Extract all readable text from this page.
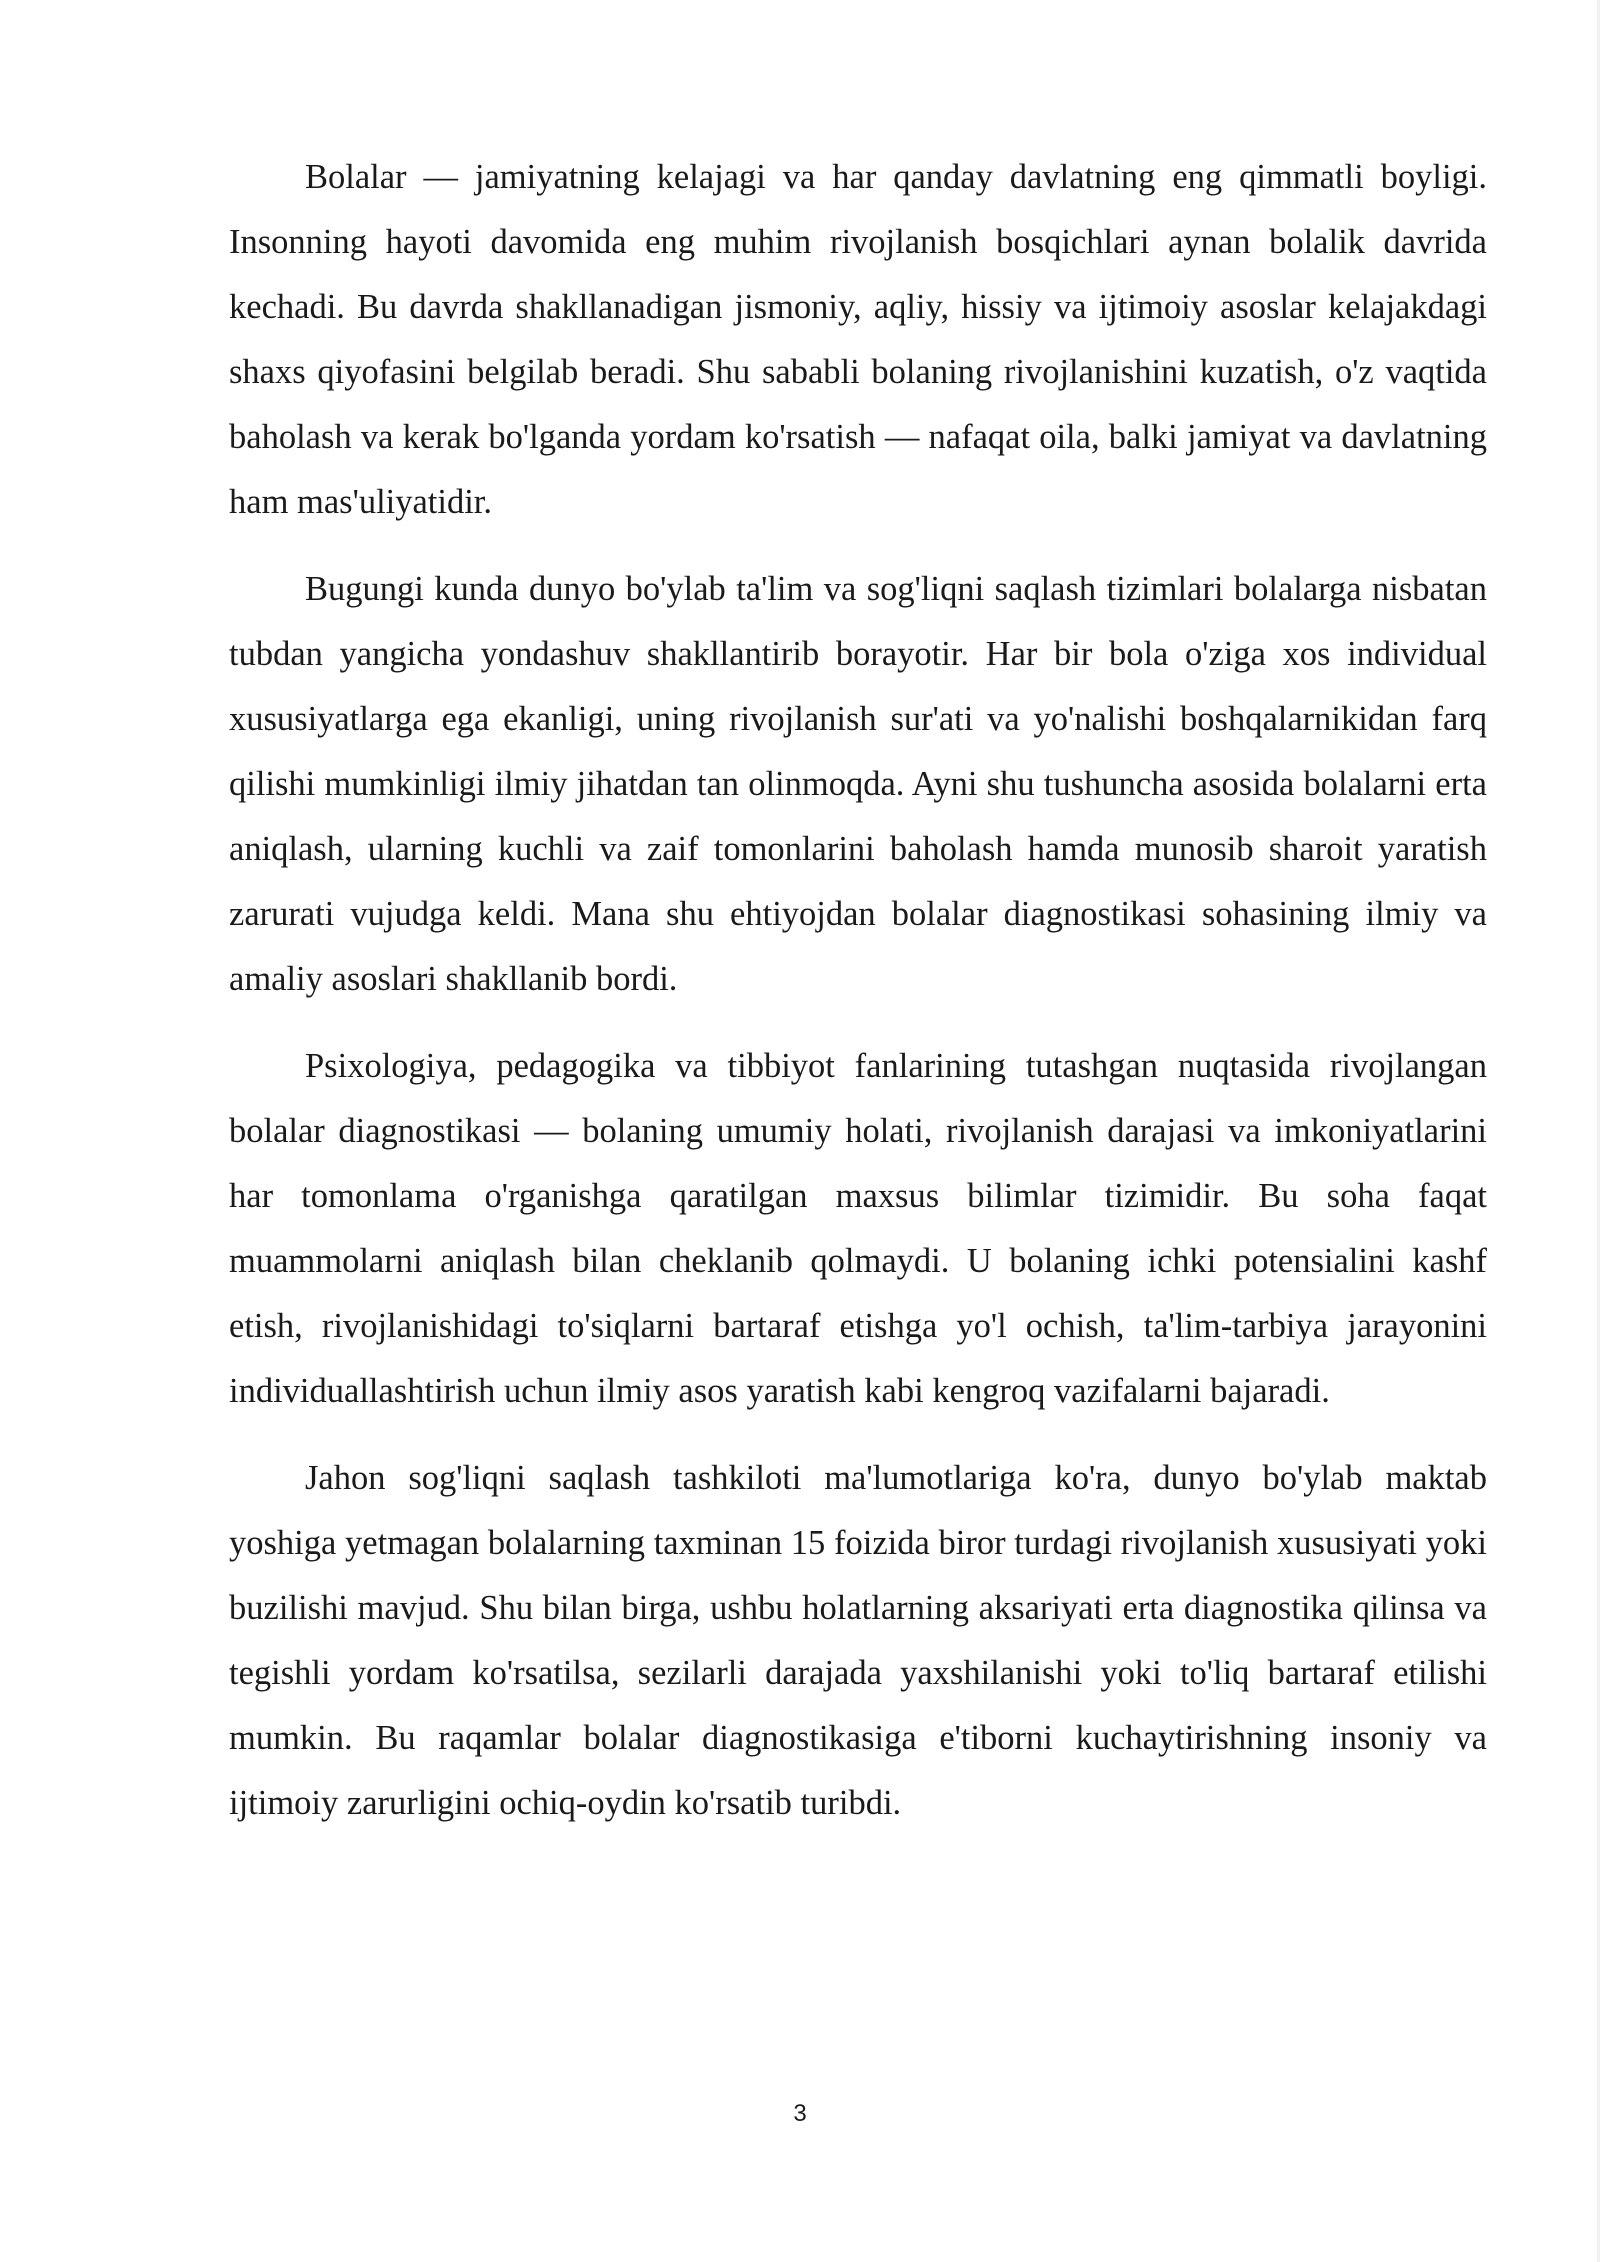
Bolalar — jamiyatning kelajagi va har qanday davlatning eng qimmatli boyligi. Insonning hayoti davomida eng muhim rivojlanish bosqichlari aynan bolalik davrida kechadi. Bu davrda shakllanadigan jismoniy, aqliy, hissiy va ijtimoiy asoslar kelajakdagi shaxs qiyofasini belgilab beradi. Shu sababli bolaning rivojlanishini kuzatish, o'z vaqtida baholash va kerak bo'lganda yordam ko'rsatish — nafaqat oila, balki jamiyat va davlatning ham mas'uliyatidir.

Bugungi kunda dunyo bo'ylab ta'lim va sog'liqni saqlash tizimlari bolalarga nisbatan tubdan yangicha yondashuv shakllantirib borayotir. Har bir bola o'ziga xos individual xususiyatlarga ega ekanligi, uning rivojlanish sur'ati va yo'nalishi boshqalarnikidan farq qilishi mumkinligi ilmiy jihatdan tan olinmoqda. Ayni shu tushuncha asosida bolalarni erta aniqlash, ularning kuchli va zaif tomonlarini baholash hamda munosib sharoit yaratish zarurati vujudga keldi. Mana shu ehtiyojdan bolalar diagnostikasi sohasining ilmiy va amaliy asoslari shakllanib bordi.

Psixologiya, pedagogika va tibbiyot fanlarining tutashgan nuqtasida rivojlangan bolalar diagnostikasi — bolaning umumiy holati, rivojlanish darajasi va imkoniyatlarini har tomonlama o'rganishga qaratilgan maxsus bilimlar tizimidir. Bu soha faqat muammolarni aniqlash bilan cheklanib qolmaydi. U bolaning ichki potensialini kashf etish, rivojlanishidagi to'siqlarni bartaraf etishga yo'l ochish, ta'lim-tarbiya jarayonini individuallashtirish uchun ilmiy asos yaratish kabi kengroq vazifalarni bajaradi.

Jahon sog'liqni saqlash tashkiloti ma'lumotlariga ko'ra, dunyo bo'ylab maktab yoshiga yetmagan bolalarning taxminan 15 foizida biror turdagi rivojlanish xususiyati yoki buzilishi mavjud. Shu bilan birga, ushbu holatlarning aksariyati erta diagnostika qilinsa va tegishli yordam ko'rsatilsa, sezilarli darajada yaxshilanishi yoki to'liq bartaraf etilishi mumkin. Bu raqamlar bolalar diagnostikasiga e'tiborni kuchaytirishning insoniy va ijtimoiy zarurligini ochiq-oydin ko'rsatib turibdi.

3
